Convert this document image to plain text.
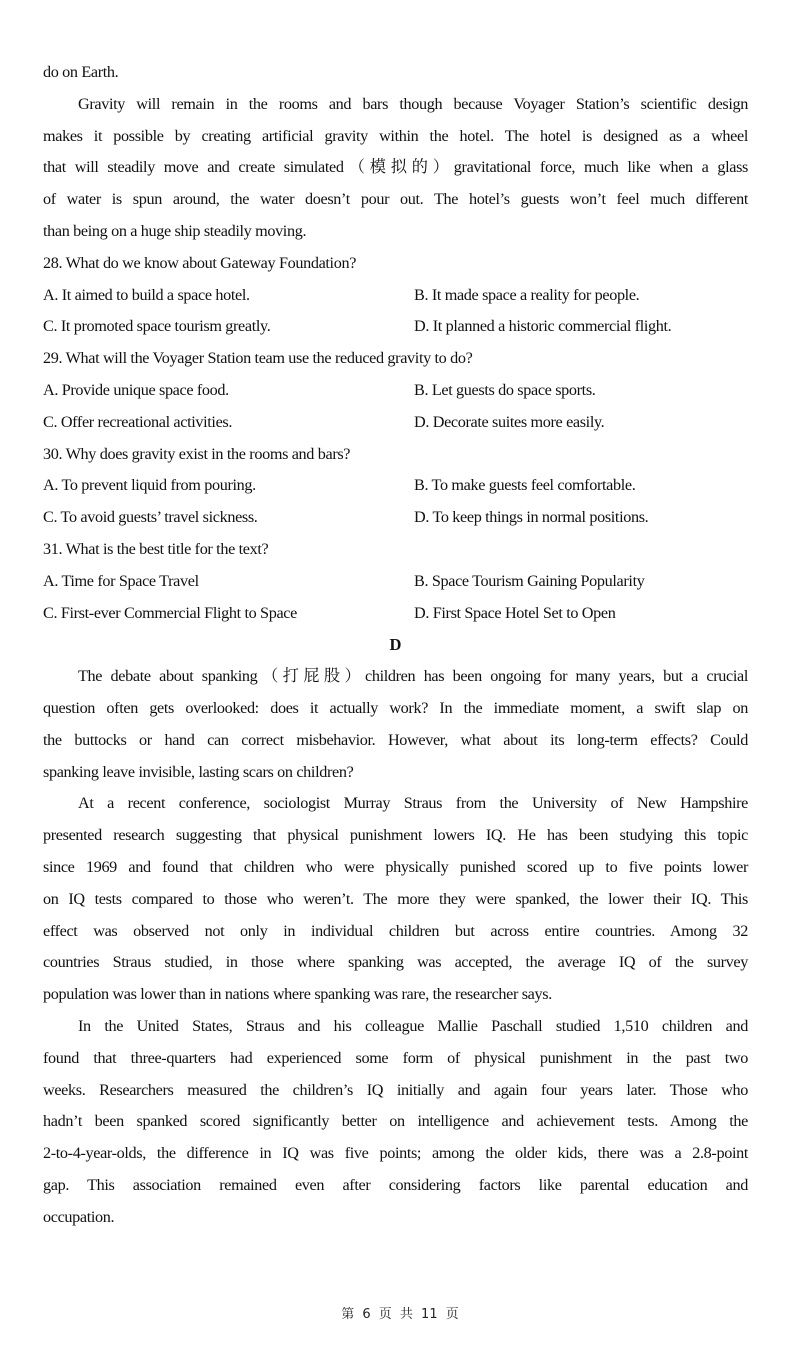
do on Earth.
Gravity will remain in the rooms and bars though because Voyager Station’s scientific design
makes it possible by creating artificial gravity within the hotel. The hotel is designed as a wheel
that will steadily move and create simulated（模拟的）gravitational force, much like when a glass
of water is spun around, the water doesn’t pour out. The hotel’s guests won’t feel much different
than being on a huge ship steadily moving.
28. What do we know about Gateway Foundation?
A. It aimed to build a space hotel.	B. It made space a reality for people.
C. It promoted space tourism greatly.	D. It planned a historic commercial flight.
29. What will the Voyager Station team use the reduced gravity to do?
A. Provide unique space food.	B. Let guests do space sports.
C. Offer recreational activities.	D. Decorate suites more easily.
30. Why does gravity exist in the rooms and bars?
A. To prevent liquid from pouring.	B. To make guests feel comfortable.
C. To avoid guests’ travel sickness.	D. To keep things in normal positions.
31. What is the best title for the text?
A. Time for Space Travel	B. Space Tourism Gaining Popularity
C. First-ever Commercial Flight to Space	D. First Space Hotel Set to Open
D
The debate about spanking（打屁股）children has been ongoing for many years, but a crucial
question often gets overlooked: does it actually work? In the immediate moment, a swift slap on
the buttocks or hand can correct misbehavior. However, what about its long-term effects? Could
spanking leave invisible, lasting scars on children?
At a recent conference, sociologist Murray Straus from the University of New Hampshire
presented research suggesting that physical punishment lowers IQ. He has been studying this topic
since 1969 and found that children who were physically punished scored up to five points lower
on IQ tests compared to those who weren’t. The more they were spanked, the lower their IQ. This
effect was observed not only in individual children but across entire countries. Among 32
countries Straus studied, in those where spanking was accepted, the average IQ of the survey
population was lower than in nations where spanking was rare, the researcher says.
In the United States, Straus and his colleague Mallie Paschall studied 1,510 children and
found that three-quarters had experienced some form of physical punishment in the past two
weeks. Researchers measured the children’s IQ initially and again four years later. Those who
hadn’t been spanked scored significantly better on intelligence and achievement tests. Among the
2-to-4-year-olds, the difference in IQ was five points; among the older kids, there was a 2.8-point
gap. This association remained even after considering factors like parental education and
occupation.
第 6 页 共 11 页
